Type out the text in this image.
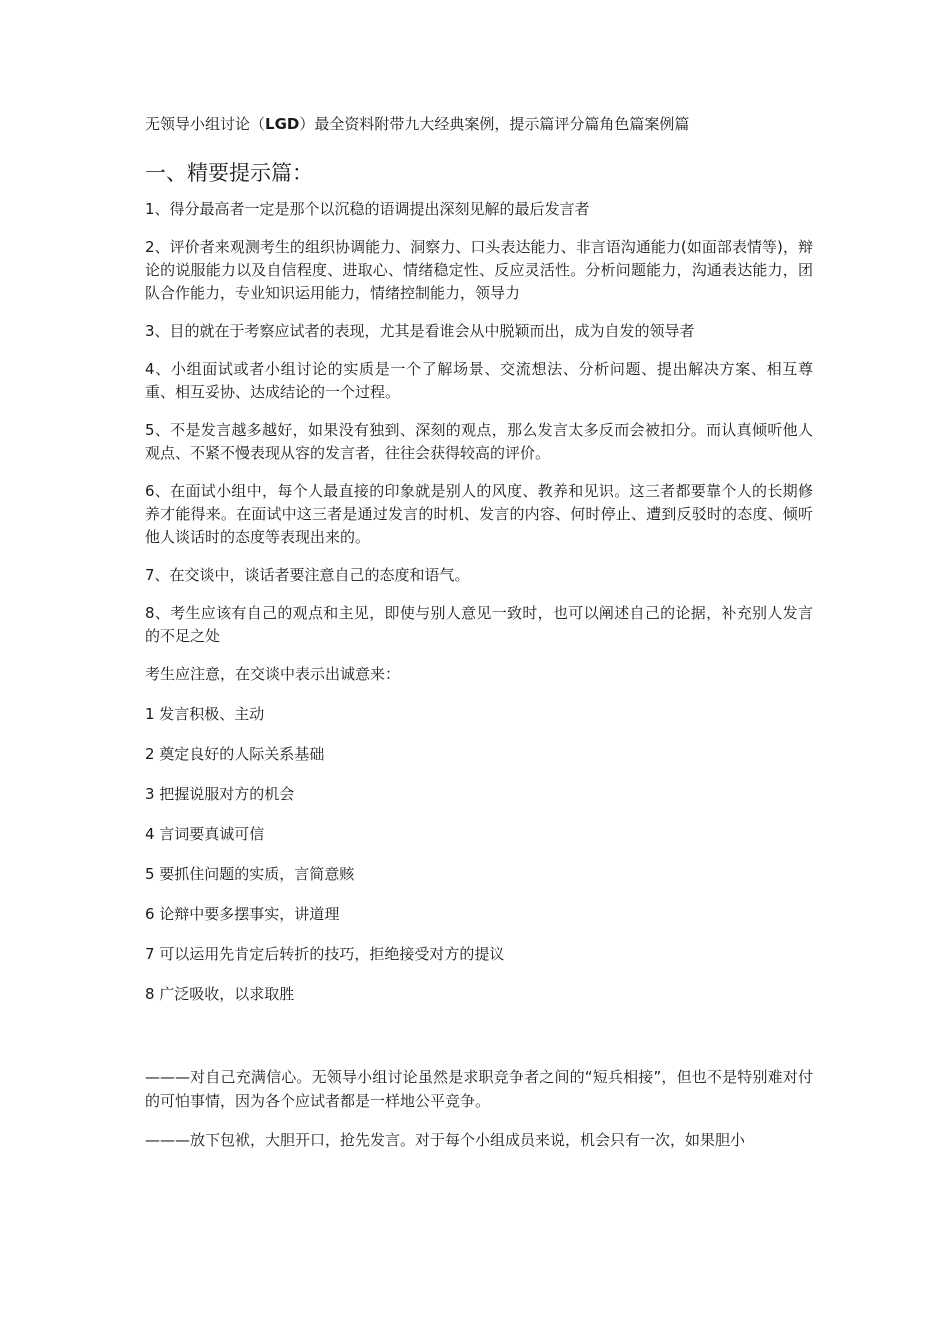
无领导小组讨论（LGD）最全资料附带九大经典案例，提示篇评分篇角色篇案例篇
一、精要提示篇：

1、得分最高者一定是那个以沉稳的语调提出深刻见解的最后发言者

2、评价者来观测考生的组织协调能力、洞察力、口头表达能力、非言语沟通能力(如面部表情等)，辩论的说服能力以及自信程度、进取心、情绪稳定性、反应灵活性。分析问题能力，沟通表达能力，团队合作能力，专业知识运用能力，情绪控制能力，领导力

3、目的就在于考察应试者的表现，尤其是看谁会从中脱颖而出，成为自发的领导者

4、小组面试或者小组讨论的实质是一个了解场景、交流想法、分析问题、提出解决方案、相互尊重、相互妥协、达成结论的一个过程。

5、不是发言越多越好，如果没有独到、深刻的观点，那么发言太多反而会被扣分。而认真倾听他人观点、不紧不慢表现从容的发言者，往往会获得较高的评价。

6、在面试小组中，每个人最直接的印象就是别人的风度、教养和见识。这三者都要靠个人的长期修养才能得来。在面试中这三者是通过发言的时机、发言的内容、何时停止、遭到反驳时的态度、倾听他人谈话时的态度等表现出来的。

7、在交谈中，谈话者要注意自己的态度和语气。

8、考生应该有自己的观点和主见，即使与别人意见一致时，也可以阐述自己的论据，补充别人发言的不足之处

考生应注意，在交谈中表示出诚意来：

1 发言积极、主动

2 奠定良好的人际关系基础

3 把握说服对方的机会

4 言词要真诚可信

5 要抓住问题的实质，言简意赅

6 论辩中要多摆事实，讲道理

7 可以运用先肯定后转折的技巧，拒绝接受对方的提议

8 广泛吸收，以求取胜

———对自己充满信心。无领导小组讨论虽然是求职竞争者之间的“短兵相接”，但也不是特别难对付的可怕事情，因为各个应试者都是一样地公平竞争。

———放下包袱，大胆开口，抢先发言。对于每个小组成员来说，机会只有一次，如果胆小
